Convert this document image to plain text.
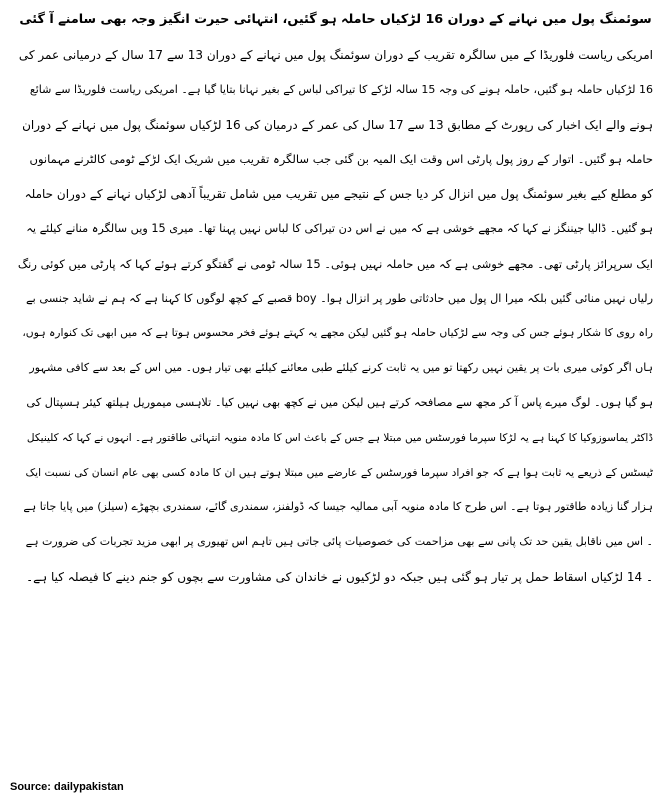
سوئمنگ پول میں نہانے کے دوران 16 لڑکیاں حاملہ ہو گئیں، انتہائی حیرت انگیز وجہ بھی سامنے آ گئی
امریکی ریاست فلوریڈا کے میں سالگرہ تقریب کے دوران سوئمنگ پول میں نہانے کے دوران 13 سے 17 سال کے درمیانی عمر کی
16 لڑکیاں حاملہ ہو گئیں، حاملہ ہونے کی وجہ 15 سالہ لڑکے کا تیراکی لباس کے بغیر نہانا بتایا گیا ہے۔ امریکی ریاست فلوریڈا سے شائع
ہونے والے ایک اخبار کی رپورٹ کے مطابق 13 سے 17 سال کی عمر کے درمیان کی 16 لڑکیاں سوئمنگ پول میں نہانے کے دوران
حاملہ ہو گئیں۔ اتوار کے روز پول پارٹی اس وقت ایک المیہ بن گئی جب سالگرہ تقریب میں شریک ایک لڑکے ٹومی کالٹرنے مہمانوں
کو مطلع کیے بغیر سوئمنگ پول میں انزال کر دیا جس کے نتیجے میں تقریب میں شامل تقریباً آدھی لڑکیاں نہانے کے دوران حاملہ
ہو گئیں۔ ڈالیا جیننگز نے کہا کہ مجھے خوشی ہے کہ میں نے اس دن تیراکی کا لباس نہیں پہنا تھا۔ میری 15 ویں سالگرہ منانے کیلئے یہ
ایک سرپرائز پارٹی تھی۔ مجھے خوشی ہے کہ میں حاملہ نہیں ہوئی۔ 15 سالہ ٹومی نے گفتگو کرتے ہوئے کہا کہ پارٹی میں کوئی رنگ
رلیاں نہیں منائی گئیں بلکہ میرا ال پول میں حادثاتی طور پر انزال ہوا۔ boy قصبے کے کچھ لوگوں کا کہنا ہے کہ ہم نے شاید جنسی بے
راہ روی کا شکار ہوئے جس کی وجہ سے لڑکیاں حاملہ ہو گئیں لیکن مجھے یہ کہتے ہوئے فخر محسوس ہوتا ہے کہ میں ابھی تک کنوارہ ہوں،
ہاں اگر کوئی میری بات پر یقین نہیں رکھتا تو میں یہ ثابت کرنے کیلئے طبی معائنے کیلئے بھی تیار ہوں۔ میں اس کے بعد سے کافی مشہور
ہو گیا ہوں۔ لوگ میرے پاس آ کر مجھ سے مصافحہ کرتے ہیں لیکن میں نے کچھ بھی نہیں کیا۔ تلاہسی میموریل ہیلتھ کیئر ہسپتال کی
ڈاکٹر یماسوزوکیا کا کہنا ہے یہ لڑکا سپرما فورسٹس میں مبتلا ہے جس کے باعث اس کا مادہ منویہ انتہائی طاقتور ہے۔ انہوں نے کہا کہ کلینیکل
ٹیسٹس کے ذریعے یہ ثابت ہوا ہے کہ جو افراد سپرما فورسٹس کے عارضے میں مبتلا ہوتے ہیں ان کا مادہ کسی بھی عام انسان کی نسبت ایک
ہزار گنا زیادہ طاقتور ہوتا ہے۔ اس طرح کا مادہ منویہ آبی ممالیہ جیسا کہ ڈولفنز، سمندری گائے، سمندری بچھڑے (سیلز) میں پایا جاتا ہے
۔ اس میں ناقابل یقین حد تک پانی سے بھی مزاحمت کی خصوصیات پائی جاتی ہیں تاہم اس تھیوری پر ابھی مزید تجربات کی ضرورت ہے
۔ 14 لڑکیاں اسقاط حمل پر تیار ہو گئی ہیں جبکہ دو لڑکیوں نے خاندان کی مشاورت سے بچوں کو جنم دینے کا فیصلہ کیا ہے۔
Source: dailypakistan
